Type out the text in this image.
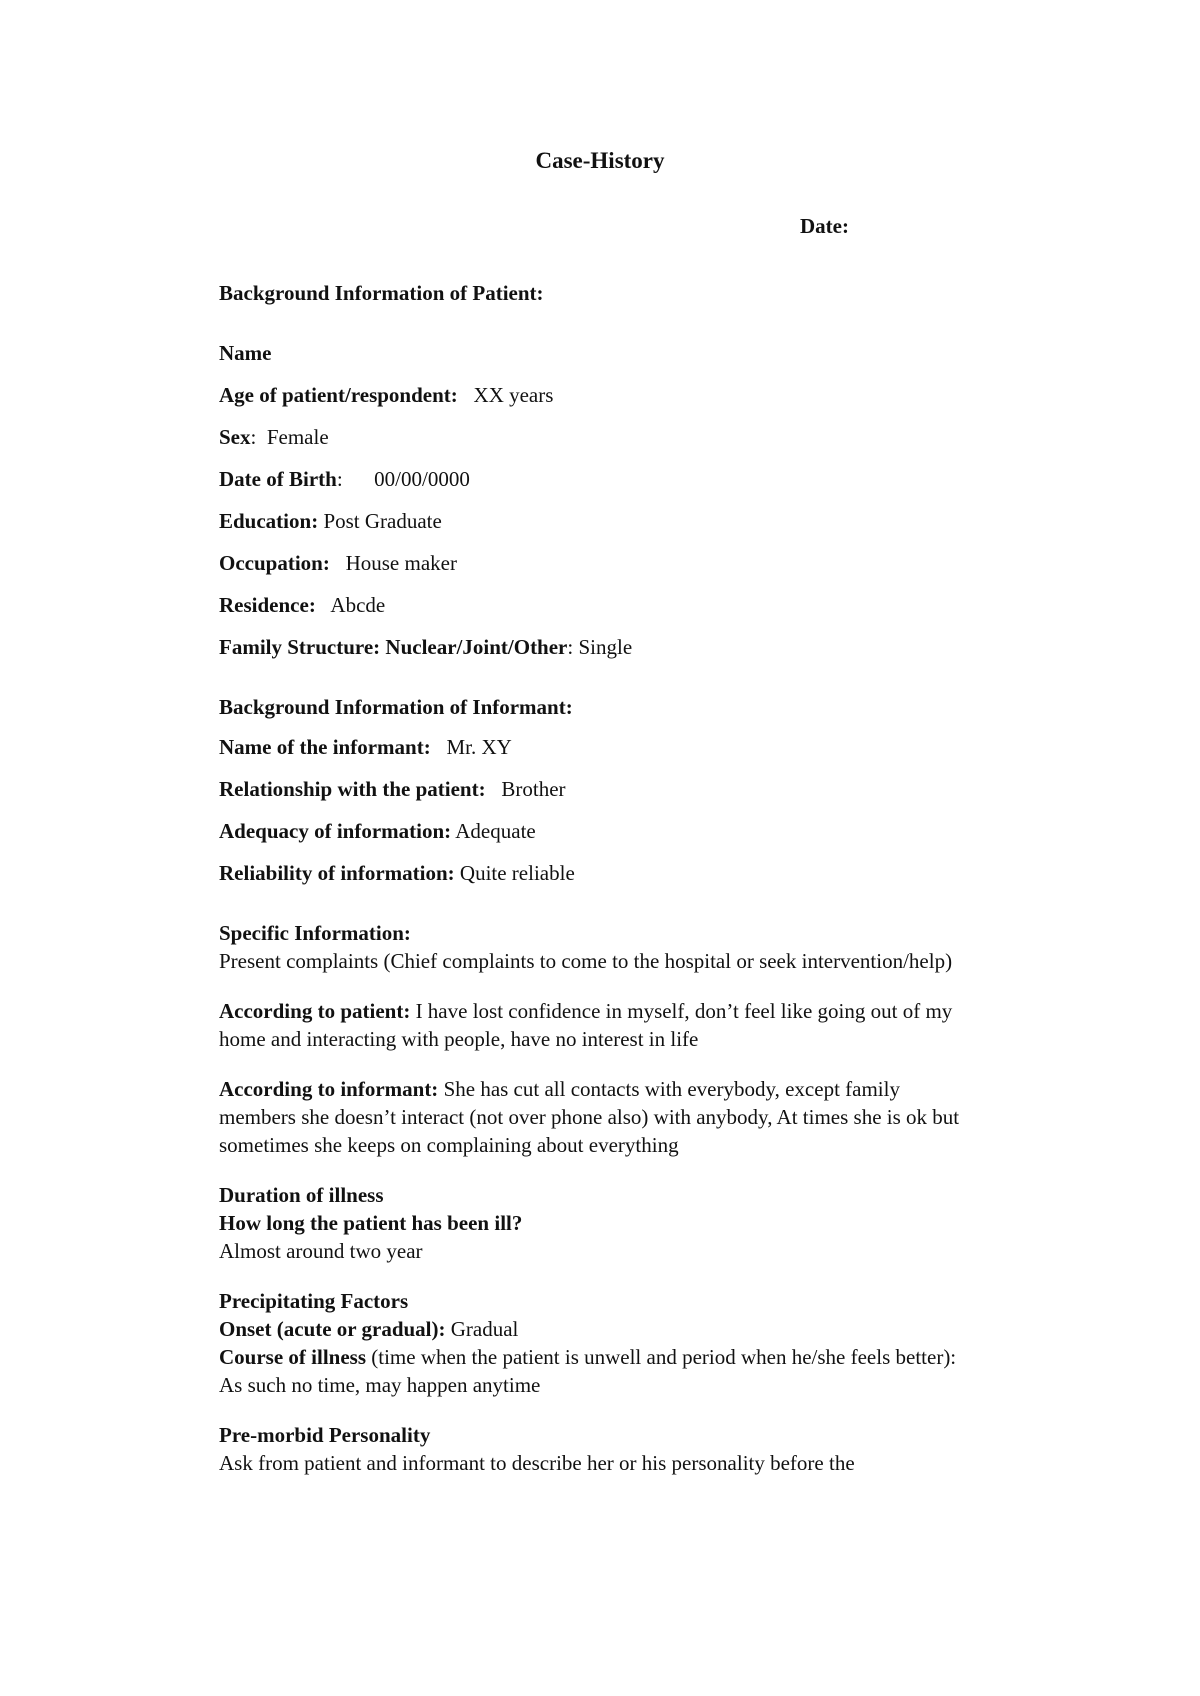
Case-History
Date:
Background Information of Patient:
Name
Age of patient/respondent: XX years
Sex: Female
Date of Birth: 00/00/0000
Education: Post Graduate
Occupation: House maker
Residence: Abcde
Family Structure: Nuclear/Joint/Other: Single
Background Information of Informant:
Name of the informant: Mr. XY
Relationship with the patient: Brother
Adequacy of information: Adequate
Reliability of information: Quite reliable
Specific Information:

Present complaints (Chief complaints to come to the hospital or seek intervention/help)

According to patient: I have lost confidence in myself, don’t feel like going out of my home and interacting with people, have no interest in life

According to informant: She has cut all contacts with everybody, except family members she doesn’t interact (not over phone also) with anybody, At times she is ok but sometimes she keeps on complaining about everything

Duration of illness
How long the patient has been ill?
Almost around two year
Precipitating Factors
Onset (acute or gradual): Gradual

Course of illness (time when the patient is unwell and period when he/she feels better):  As such no time, may happen anytime

Pre-morbid Personality
Ask from patient and informant to describe her or his personality before the
